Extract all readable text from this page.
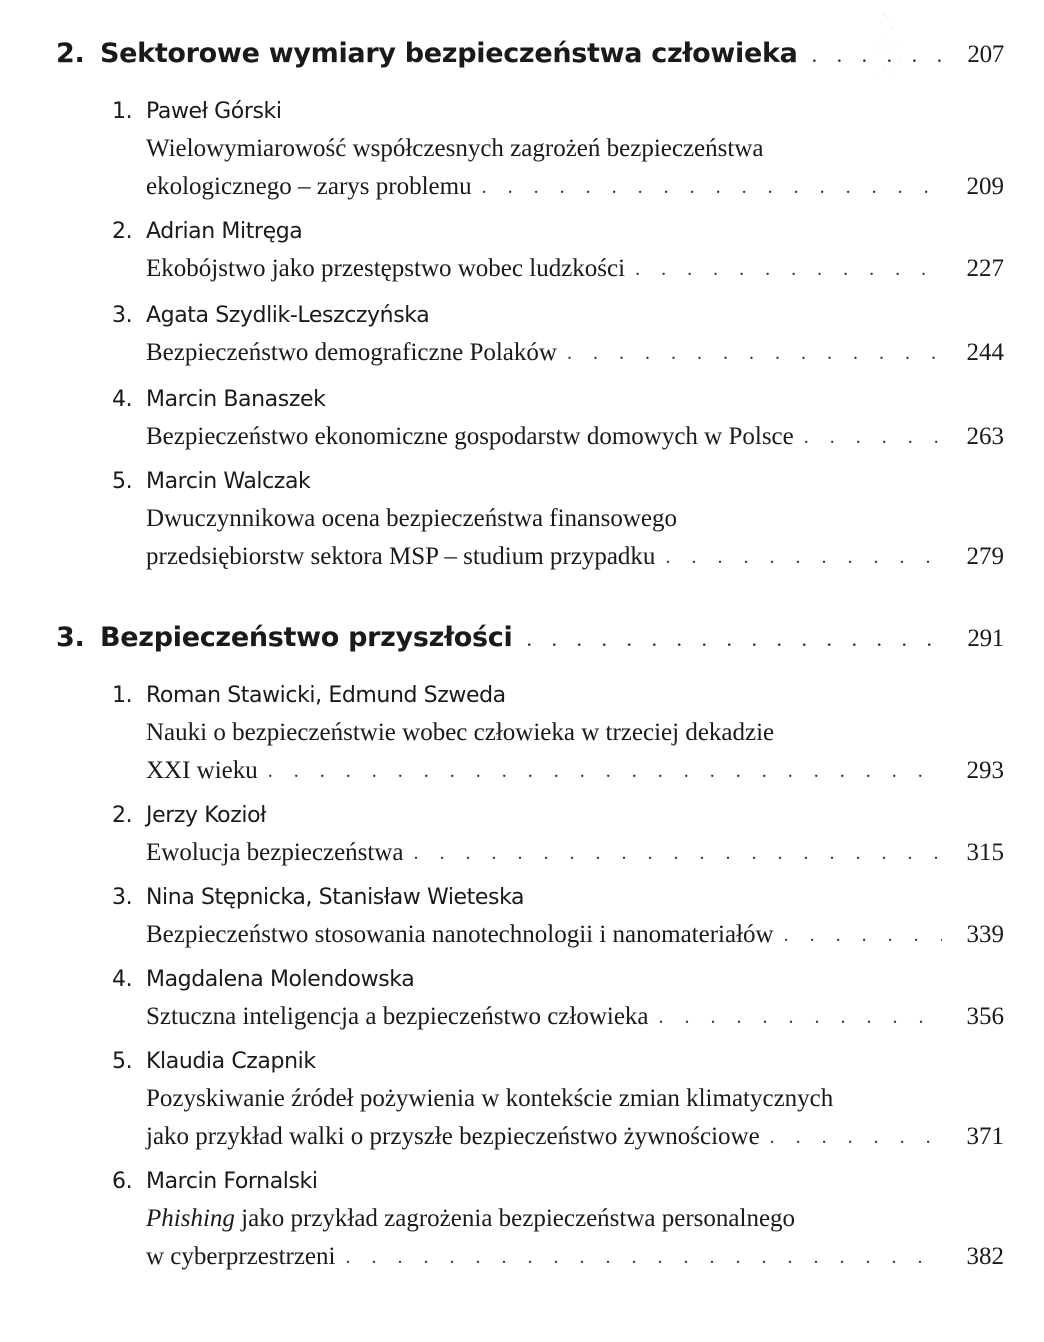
2. Sektorowe wymiary bezpieczeństwa człowieka . . .	207
1. Paweł Górski
Wielowymiarowość współczesnych zagrożeń bezpieczeństwa
ekologicznego – zarys problemu . . .	209
2. Adrian Mitręga
Ekobójstwo jako przestępstwo wobec ludzkości . . .	227
3. Agata Szydlik-Leszczyńska
Bezpieczeństwo demograficzne Polaków . . .	244
4. Marcin Banaszek
Bezpieczeństwo ekonomiczne gospodarstw domowych w Polsce . . .	263
5. Marcin Walczak
Dwuczynnikowa ocena bezpieczeństwa finansowego
przedsiębiorstw sektora MSP – studium przypadku . . .	279
3. Bezpieczeństwo przyszłości . . .	291
1. Roman Stawicki, Edmund Szweda
Nauki o bezpieczeństwie wobec człowieka w trzeciej dekadzie
XXI wieku . . .	293
2. Jerzy Kozioł
Ewolucja bezpieczeństwa . . .	315
3. Nina Stępnicka, Stanisław Wieteska
Bezpieczeństwo stosowania nanotechnologii i nanomateriałów . . .	339
4. Magdalena Molendowska
Sztuczna inteligencja a bezpieczeństwo człowieka . . .	356
5. Klaudia Czapnik
Pozyskiwanie źródeł pożywienia w kontekście zmian klimatycznych
jako przykład walki o przyszłe bezpieczeństwo żywnościowe . . .	371
6. Marcin Fornalski
Phishing jako przykład zagrożenia bezpieczeństwa personalnego
w cyberprzestrzeni . . .	382
